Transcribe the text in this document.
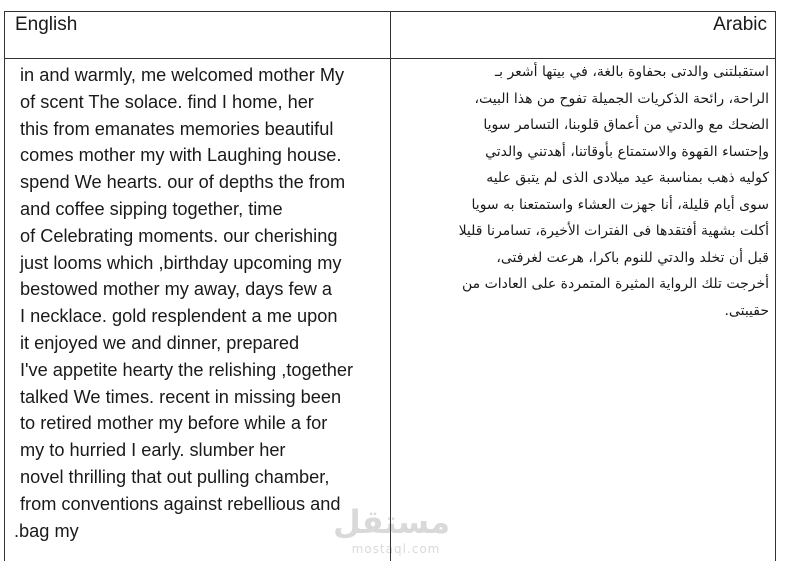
English	Arabic
in and warmly, me welcomed mother My
of scent The solace. find I home, her
this from emanates memories beautiful
comes mother my with Laughing house.
spend We hearts. our of depths the from
and coffee sipping together, time
of Celebrating moments. our cherishing
just looms which ,birthday upcoming my
bestowed mother my away, days few a
I necklace. gold resplendent a me upon
it enjoyed we and dinner, prepared
I've appetite hearty the relishing ,together
talked We times. recent in missing been
to retired mother my before while a for
my to hurried I early. slumber her
novel thrilling that out pulling chamber,
from conventions against rebellious and
.bag my
استقبلتنى والدتى بحفاوة بالغة، في بيتها أشعر بـ
الراحة، رائحة الذكريات الجميلة تفوح من هذا البيت،
الضحك مع والدتي من أعماق قلوبنا، التسامر سويا
وإحتساء القهوة والاستمتاع بأوقاتنا، أهدتني والدتي
كوليه ذهب بمناسبة عيد ميلادى الذى لم يتبق عليه
سوى أيام قليلة، أنا جهزت العشاء واستمتعنا به سويا
أكلت بشهية أفتقدها فى الفترات الأخيرة، تسامرنا قليلا
قبل أن تخلد والدتي للنوم باكرا، هرعت لغرفتى،
أخرجت تلك الرواية المثيرة المتمردة على العادات من
حقيبتى.
مستقل
mostaql.com
